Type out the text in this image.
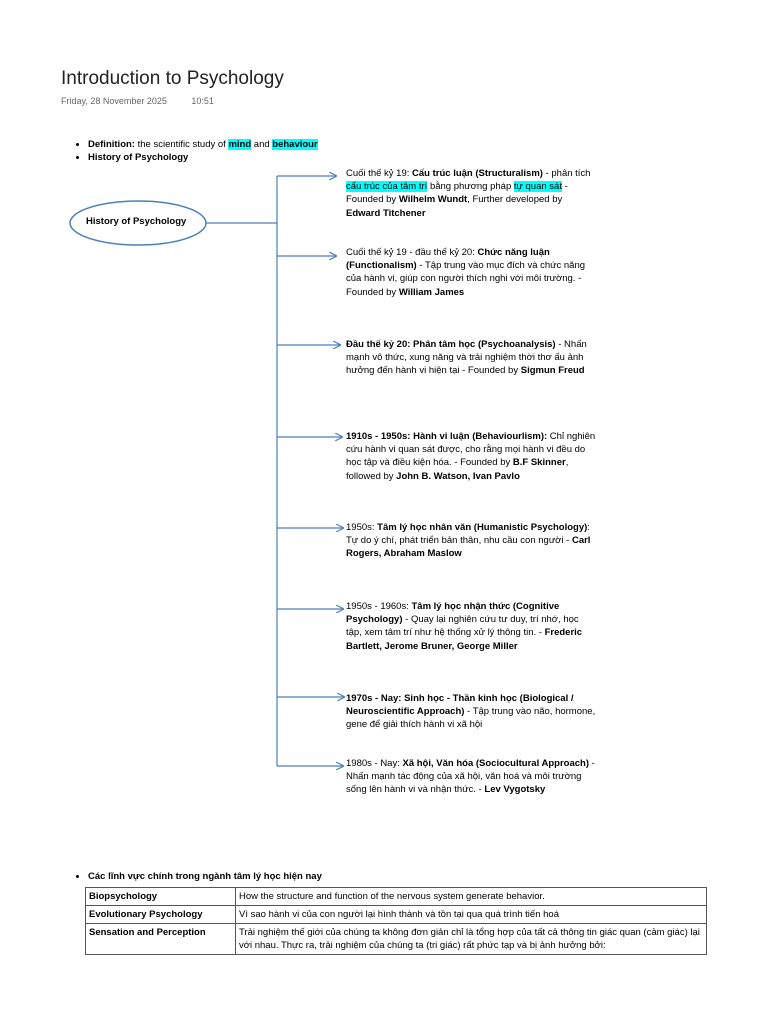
Introduction to Psychology
Friday, 28 November 2025	10:51
• Definition: the scientific study of mind and behaviour
• History of Psychology
History of Psychology
Cuối thế kỷ 19: Cấu trúc luận (Structuralism) - phân tích cấu trúc của tâm trí bằng phương pháp tự quan sát - Founded by Wilhelm Wundt, Further developed by Edward Titchener
Cuối thế kỷ 19 - đầu thế kỷ 20: Chức năng luận (Functionalism) - Tập trung vào mục đích và chức năng của hành vi, giúp con người thích nghi với môi trường. - Founded by William James
Đầu thế kỷ 20: Phân tâm học (Psychoanalysis) - Nhấn mạnh vô thức, xung năng và trải nghiệm thời thơ ấu ảnh hưởng đến hành vi hiện tại - Founded by Sigmun Freud
1910s - 1950s: Hành vi luận (Behaviourlism): Chỉ nghiên cứu hành vi quan sát được, cho rằng mọi hành vi đều do học tập và điều kiện hóa. - Founded by B.F Skinner, followed by John B. Watson, Ivan Pavlo
1950s: Tâm lý học nhân văn (Humanistic Psychology): Tự do ý chí, phát triển bản thân, nhu cầu con người - Carl Rogers, Abraham Maslow
1950s - 1960s: Tâm lý học nhận thức (Cognitive Psychology) - Quay lại nghiên cứu tư duy, trí nhớ, học tập, xem tâm trí như hệ thống xử lý thông tin. - Frederic Bartlett, Jerome Bruner, George Miller
1970s - Nay: Sinh học - Thần kinh học (Biological / Neuroscientific Approach) - Tập trung vào não, hormone, gene để giải thích hành vi xã hội
1980s - Nay: Xã hội, Văn hóa (Sociocultural Approach) - Nhấn mạnh tác động của xã hội, văn hoá và môi trường sống lên hành vi và nhận thức. - Lev Vygotsky
• Các lĩnh vực chính trong ngành tâm lý học hiện nay
Biopsychology	How the structure and function of the nervous system generate behavior.
Evolutionary Psychology	Vì sao hành vi của con người lại hình thành và tồn tại qua quá trình tiến hoá
Sensation and Perception	Trải nghiệm thế giới của chúng ta không đơn giản chỉ là tổng hợp của tất cả thông tin giác quan (cảm giác) lại với nhau. Thực ra, trải nghiệm của chúng ta (tri giác) rất phức tạp và bị ảnh hưởng bởi:
